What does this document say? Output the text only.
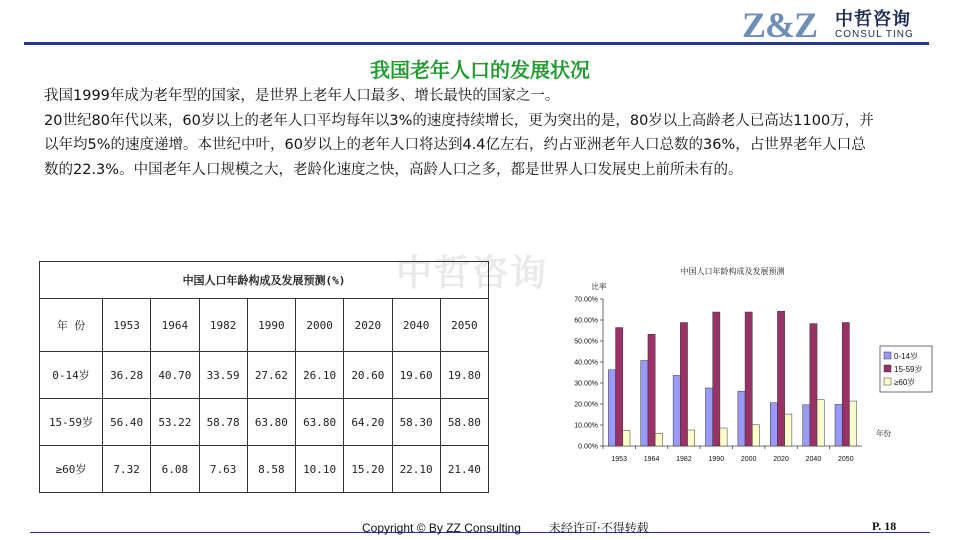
Z&Z 中哲咨询
CONSUL TING
我国老年人口的发展状况

我国1999年成为老年型的国家，是世界上老年人口最多、增长最快的国家之一。

20世纪80年代以来，60岁以上的老年人口平均每年以3%的速度持续增长，更为突出的是，80岁以上高龄老人已高达1100万，并以年均5%的速度递增。本世纪中叶，60岁以上的老年人口将达到4.4亿左右，约占亚洲老年人口总数的36%，占世界老年人口总数的22.3%。中国老年人口规模之大，老龄化速度之快，高龄人口之多，都是世界人口发展史上前所未有的。

中哲咨询
中国人口年龄构成及发展预测(%)								
年 份	1953	1964	1982	1990	2000	2020	2040	2050
0-14岁	36.28	40.70	33.59	27.62	26.10	20.60	19.60	19.80
15-59岁	56.40	53.22	58.78	63.80	63.80	64.20	58.30	58.80
≥60岁	7.32	6.08	7.63	8.58	10.10	15.20	22.10	21.40
中国人口年龄构成及发展预测
比率
0.00%
10.00%
20.00%
30.00%
40.00%
50.00%
60.00%
70.00%
1953 1964 1982 1990 2000 2020 2040 2050
0-14岁
15-59岁
≥60岁
年份
Copyright © By ZZ Consulting 未经许可·不得转载	P. 18
